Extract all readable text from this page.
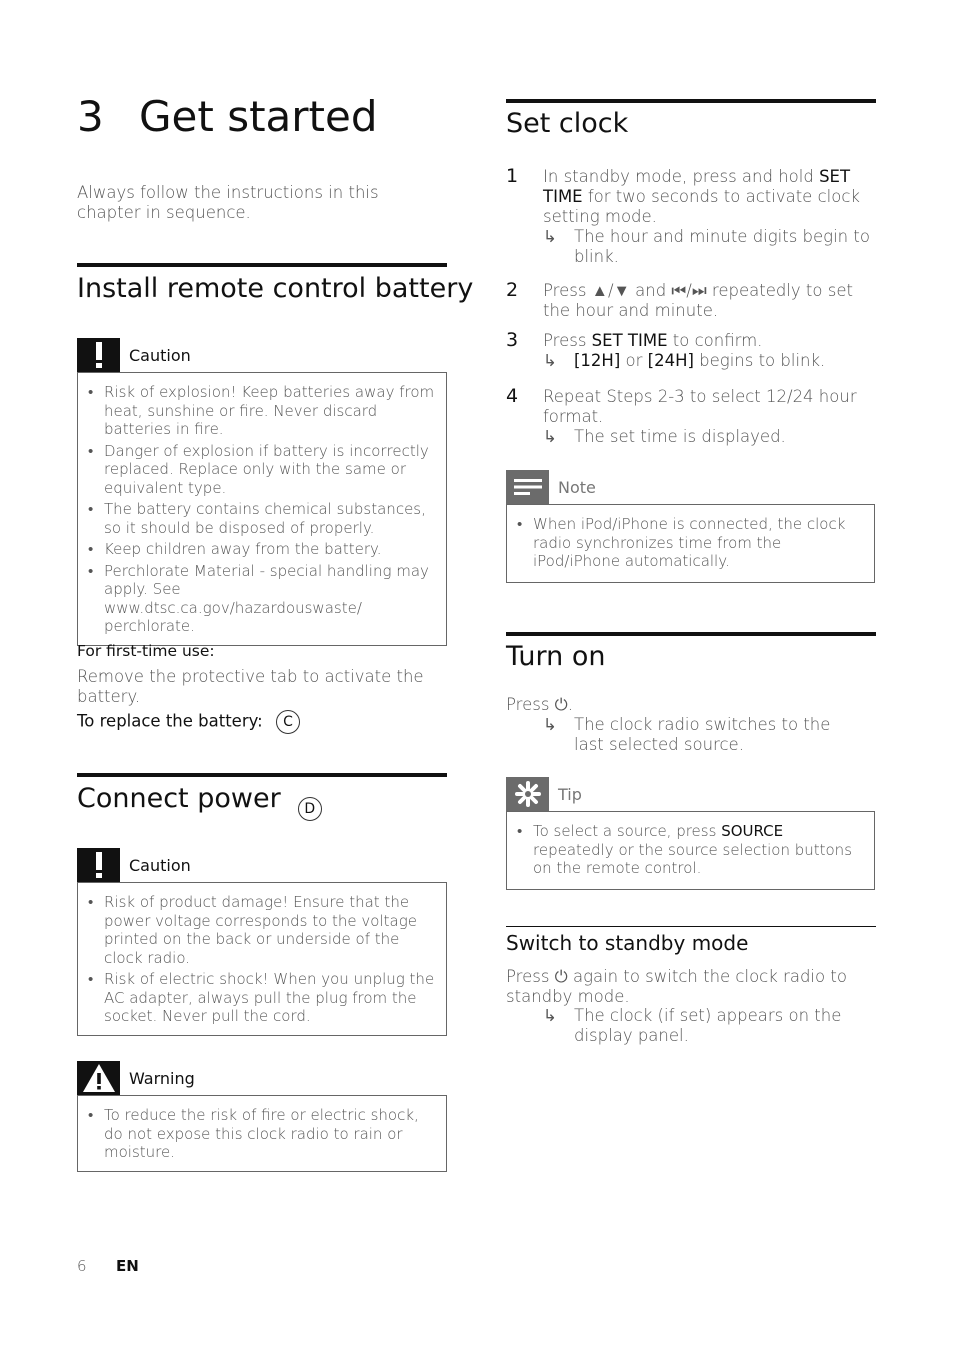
3 Get started
Always follow the instructions in this chapter in sequence.
Install remote control battery
Caution
• Risk of explosion! Keep batteries away from heat, sunshine or fire. Never discard batteries in fire.
• Danger of explosion if battery is incorrectly replaced. Replace only with the same or equivalent type.
• The battery contains chemical substances, so it should be disposed of properly.
• Keep children away from the battery.
• Perchlorate Material - special handling may apply. See www.dtsc.ca.gov/hazardouswaste/ perchlorate.
For first-time use:
Remove the protective tab to activate the battery.
To replace the battery: C
Connect power D
Caution
• Risk of product damage! Ensure that the power voltage corresponds to the voltage printed on the back or underside of the clock radio.
• Risk of electric shock! When you unplug the AC adapter, always pull the plug from the socket. Never pull the cord.
Warning
• To reduce the risk of fire or electric shock, do not expose this clock radio to rain or moisture.
Set clock
1 In standby mode, press and hold SET TIME for two seconds to activate clock setting mode.
↳ The hour and minute digits begin to blink.
2 Press ▲/▼ and ⏮/⏭ repeatedly to set the hour and minute.
3 Press SET TIME to confirm.
↳ [12H] or [24H] begins to blink.
4 Repeat Steps 2-3 to select 12/24 hour format.
↳ The set time is displayed.
Note
• When iPod/iPhone is connected, the clock radio synchronizes time from the iPod/iPhone automatically.
Turn on
Press ⏻.
↳ The clock radio switches to the last selected source.
Tip
• To select a source, press SOURCE repeatedly or the source selection buttons on the remote control.
Switch to standby mode
Press ⏻ again to switch the clock radio to standby mode.
↳ The clock (if set) appears on the display panel.
6 EN
